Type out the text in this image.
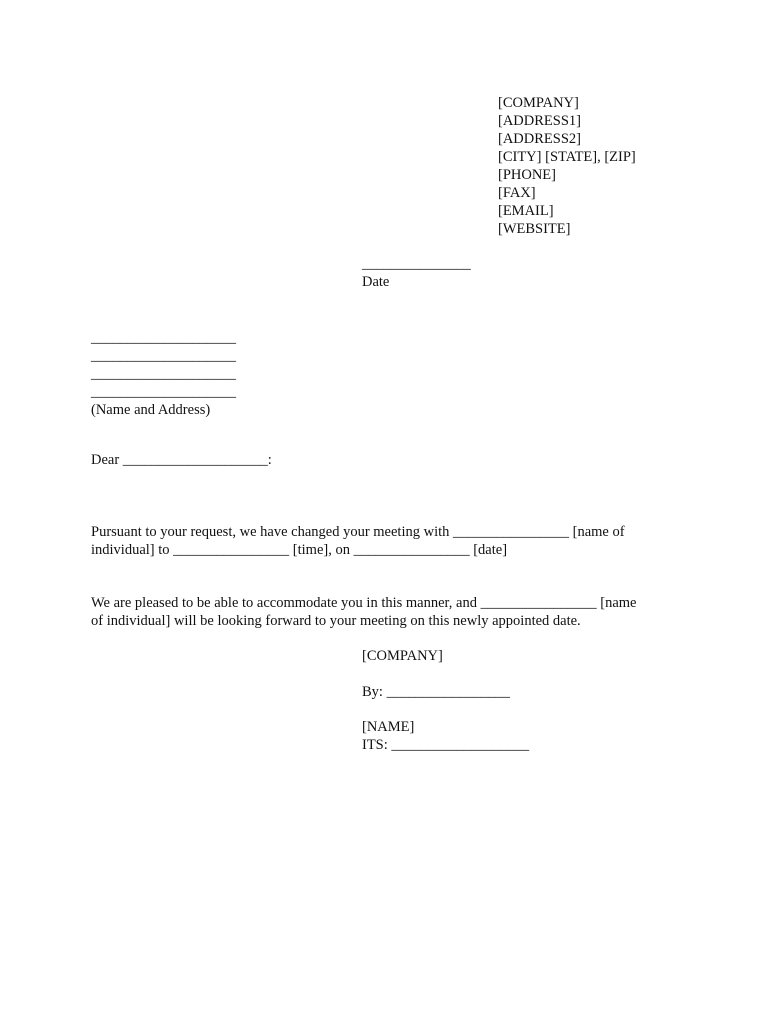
[COMPANY]
[ADDRESS1]
[ADDRESS2]
[CITY] [STATE], [ZIP]
[PHONE]
[FAX]
[EMAIL]
[WEBSITE]
_______________
Date
____________________
____________________
____________________
____________________
(Name and Address)
Dear ____________________:
Pursuant to your request, we have changed your meeting with ________________ [name of
individual] to ________________ [time], on ________________ [date]
We are pleased to be able to accommodate you in this manner, and ________________ [name
of individual] will be looking forward to your meeting on this newly appointed date.
[COMPANY]
By: _________________
[NAME]
ITS: ___________________
